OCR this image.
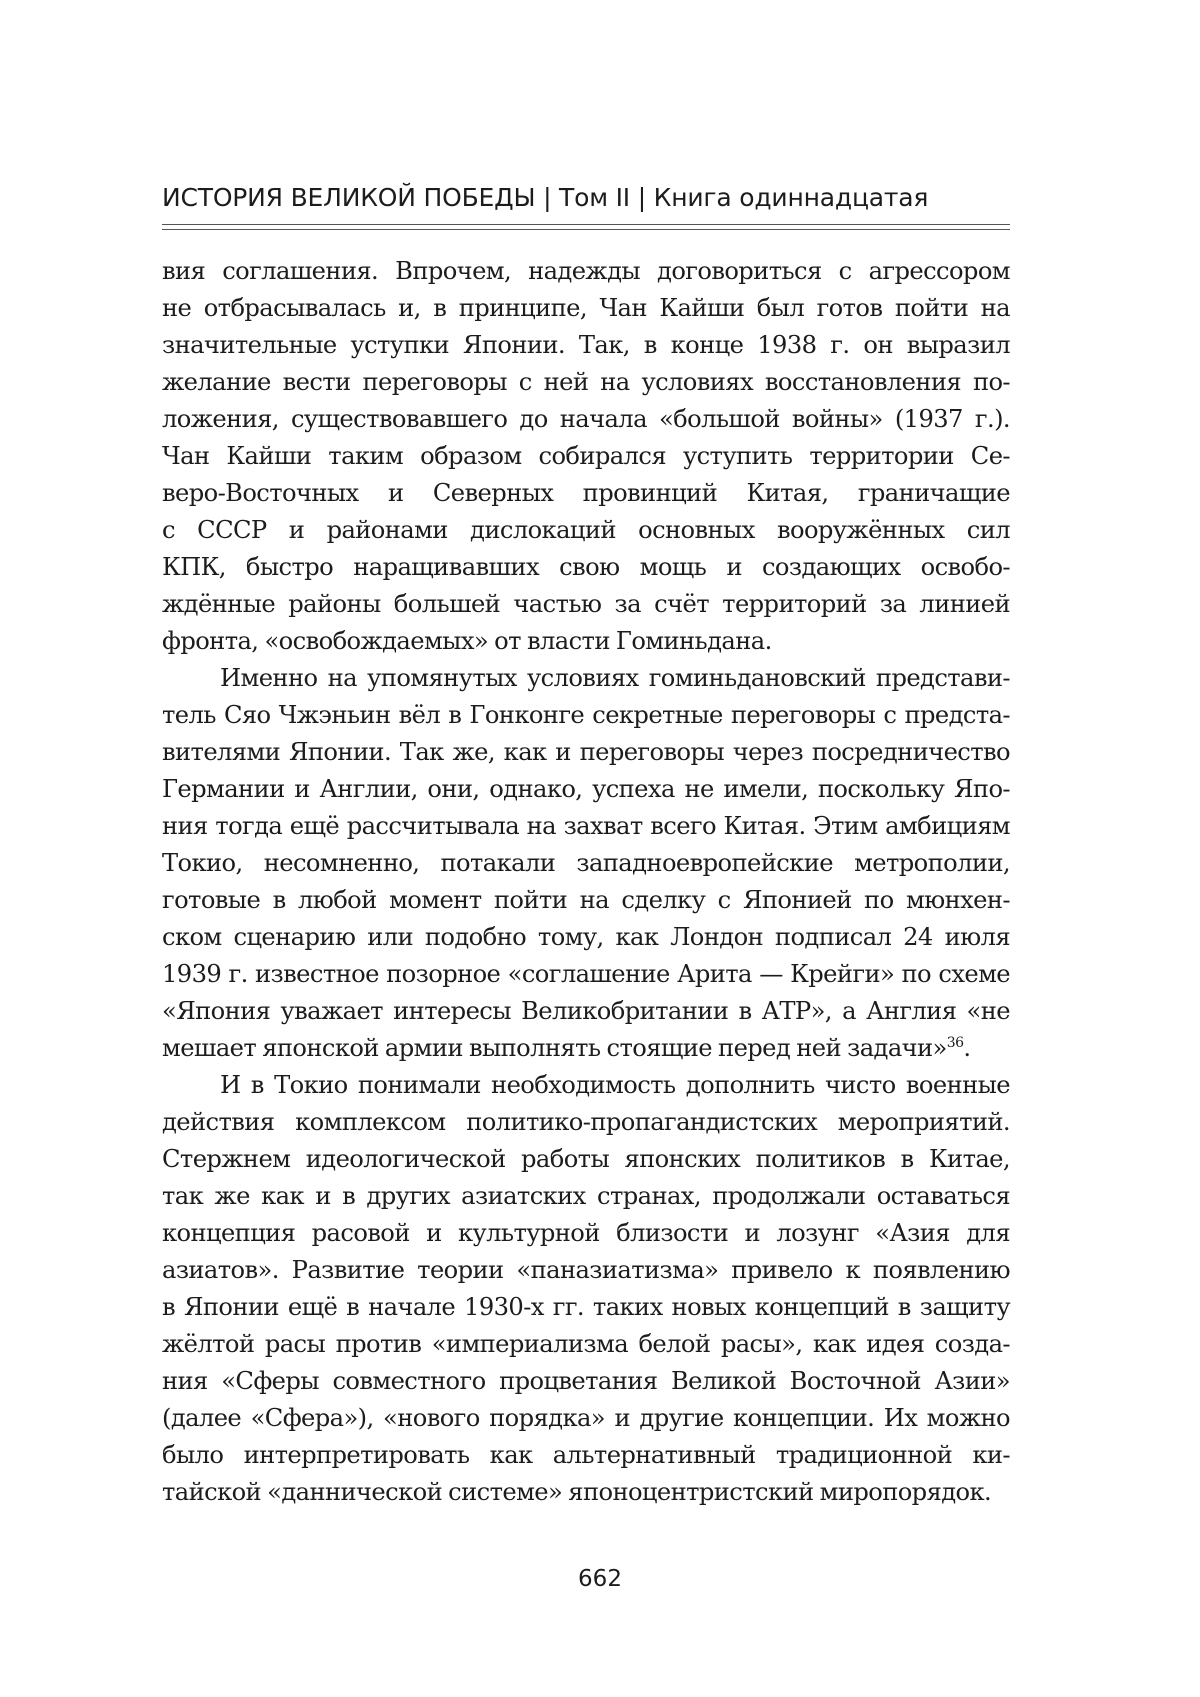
ИСТОРИЯ ВЕЛИКОЙ ПОБЕДЫ | Том II | Книга одиннадцатая
вия соглашения. Впрочем, надежды договориться с агрессором
не отбрасывалась и, в принципе, Чан Кайши был готов пойти на
значительные уступки Японии. Так, в конце 1938 г. он выразил
желание вести переговоры с ней на условиях восстановления по-
ложения, существовавшего до начала «большой войны» (1937 г.).
Чан Кайши таким образом собирался уступить территории Се-
веро-Восточных и Северных провинций Китая, граничащие
с СССР и районами дислокаций основных вооружённых сил
КПК, быстро наращивавших свою мощь и создающих освобо-
ждённые районы большей частью за счёт территорий за линией
фронта, «освобождаемых» от власти Гоминьдана.
Именно на упомянутых условиях гоминьдановский представи-
тель Сяо Чжэньин вёл в Гонконге секретные переговоры с предста-
вителями Японии. Так же, как и переговоры через посредничество
Германии и Англии, они, однако, успеха не имели, поскольку Япо-
ния тогда ещё рассчитывала на захват всего Китая. Этим амбициям
Токио, несомненно, потакали западноевропейские метрополии,
готовые в любой момент пойти на сделку с Японией по мюнхен-
ском сценарию или подобно тому, как Лондон подписал 24 июля
1939 г. известное позорное «соглашение Арита — Крейги» по схеме
«Япония уважает интересы Великобритании в АТР», а Англия «не
мешает японской армии выполнять стоящие перед ней задачи»$^{36}$.
И в Токио понимали необходимость дополнить чисто военные
действия комплексом политико-пропагандистских мероприятий.
Стержнем идеологической работы японских политиков в Китае,
так же как и в других азиатских странах, продолжали оставаться
концепция расовой и культурной близости и лозунг «Азия для
азиатов». Развитие теории «паназиатизма» привело к появлению
в Японии ещё в начале 1930-х гг. таких новых концепций в защиту
жёлтой расы против «империализма белой расы», как идея созда-
ния «Сферы совместного процветания Великой Восточной Азии»
(далее «Сфера»), «нового порядка» и другие концепции. Их можно
было интерпретировать как альтернативный традиционной ки-
тайской «даннической системе» японоцентристский миропорядок.
662
